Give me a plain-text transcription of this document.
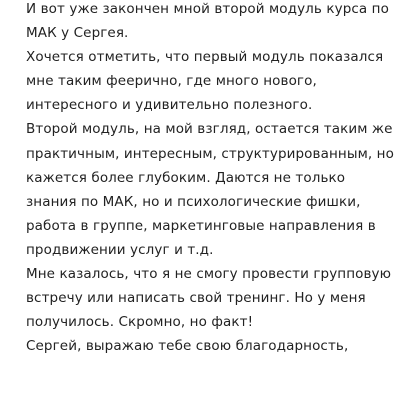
И вот уже закончен мной второй модуль курса по МАК у Сергея.

Хочется отметить, что первый модуль показался мне таким феерично, где много нового, интересного и удивительно полезного.

Второй модуль, на мой взгляд, остается таким же практичным, интересным, структурированным, но кажется более глубоким. Даются не только знания по МАК, но и психологические фишки, работа в группе, маркетинговые направления в продвижении услуг и т.д.

Мне казалось, что я не смогу провести групповую встречу или написать свой тренинг. Но у меня получилось. Скромно, но факт!

Сергей, выражаю тебе свою благодарность,
